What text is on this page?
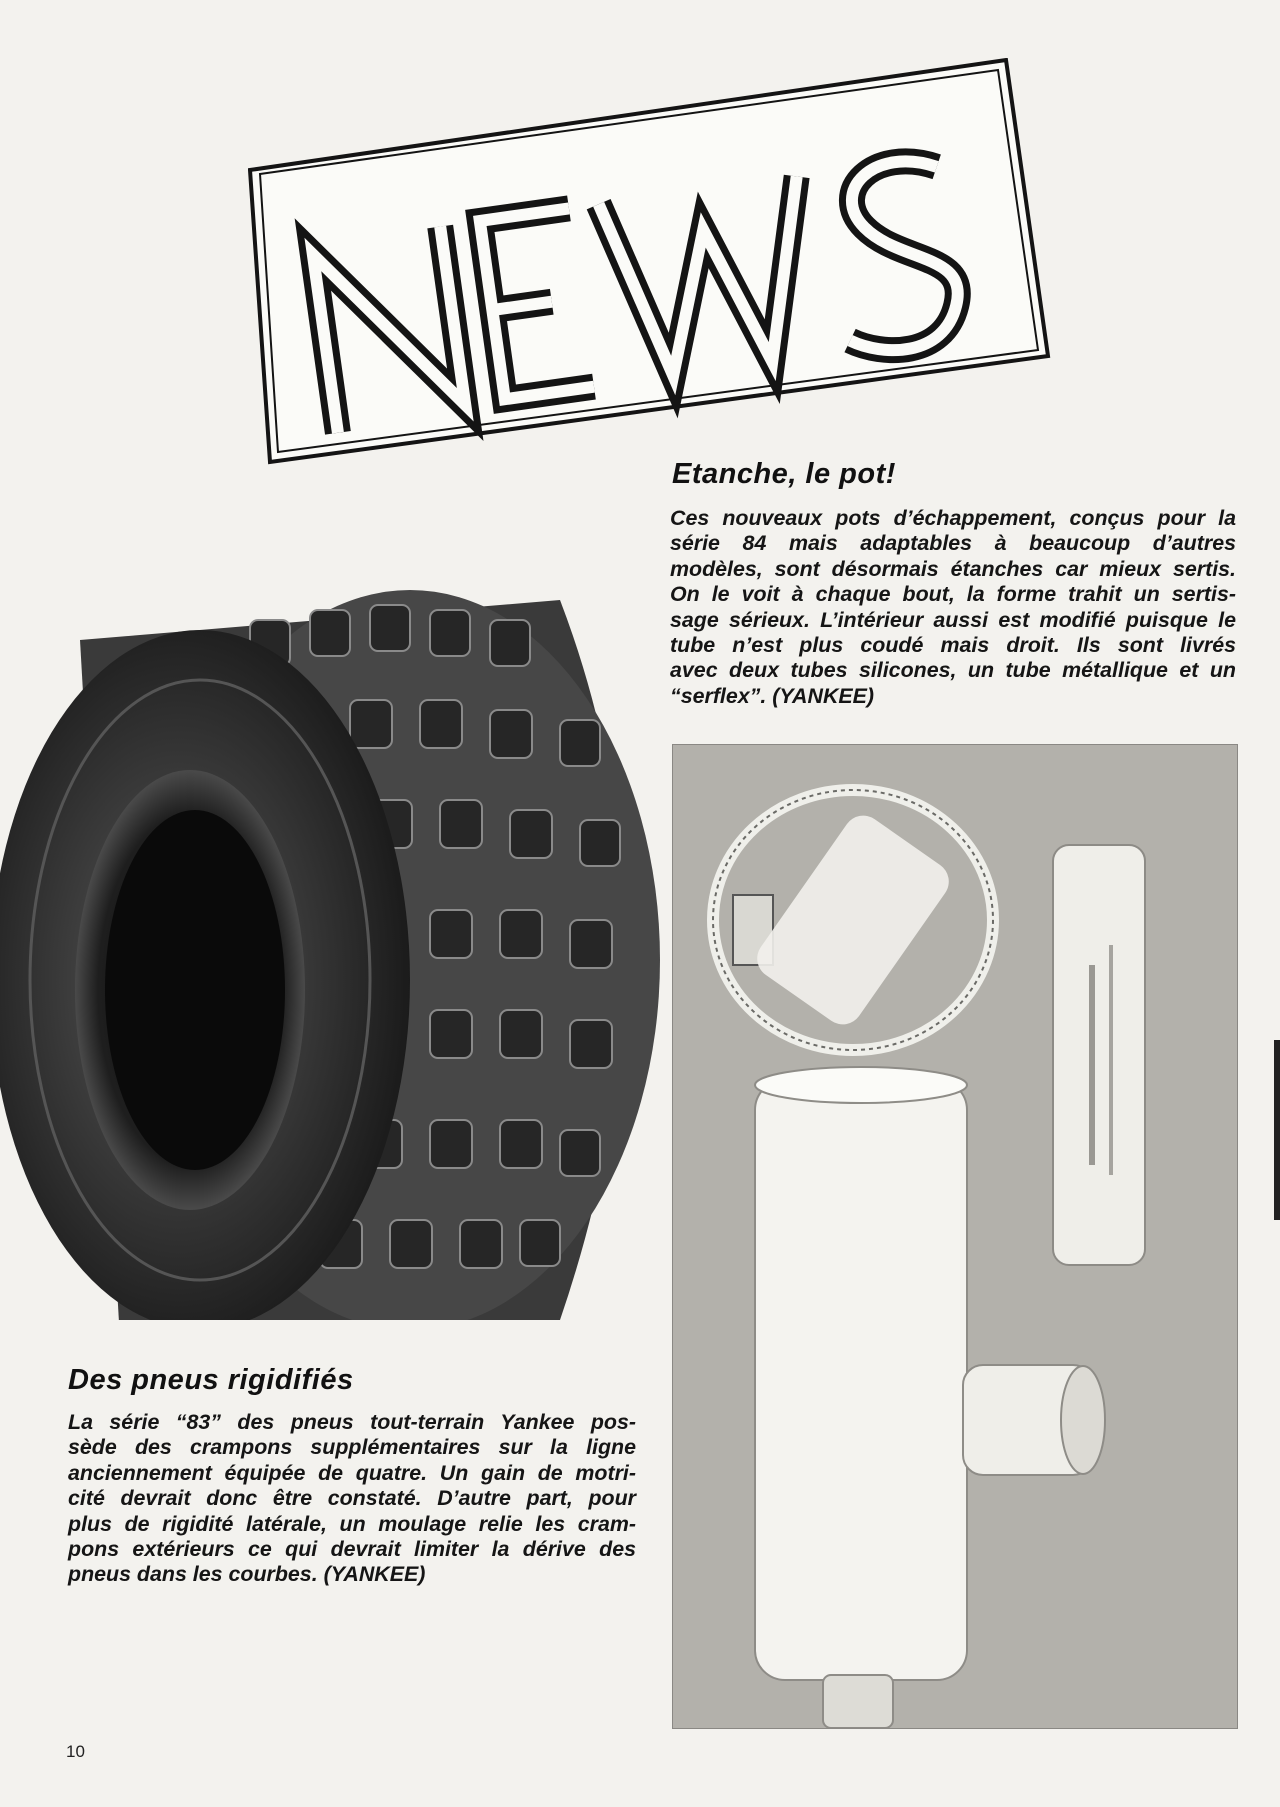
Etanche, le pot!
Ces nouveaux pots d’échappement, conçus pour la
série 84 mais adaptables à beaucoup d’autres
modèles, sont désormais étanches car mieux sertis.
On le voit à chaque bout, la forme trahit un sertis-
sage sérieux. L’intérieur aussi est modifié puisque le
tube n’est plus coudé mais droit. Ils sont livrés
avec deux tubes silicones, un tube métallique et un
“serflex”. (YANKEE)
Des pneus rigidifiés
La série “83” des pneus tout-terrain Yankee pos-
sède des crampons supplémentaires sur la ligne
anciennement équipée de quatre. Un gain de motri-
cité devrait donc être constaté. D’autre part, pour
plus de rigidité latérale, un moulage relie les cram-
pons extérieurs ce qui devrait limiter la dérive des
pneus dans les courbes. (YANKEE)
10
